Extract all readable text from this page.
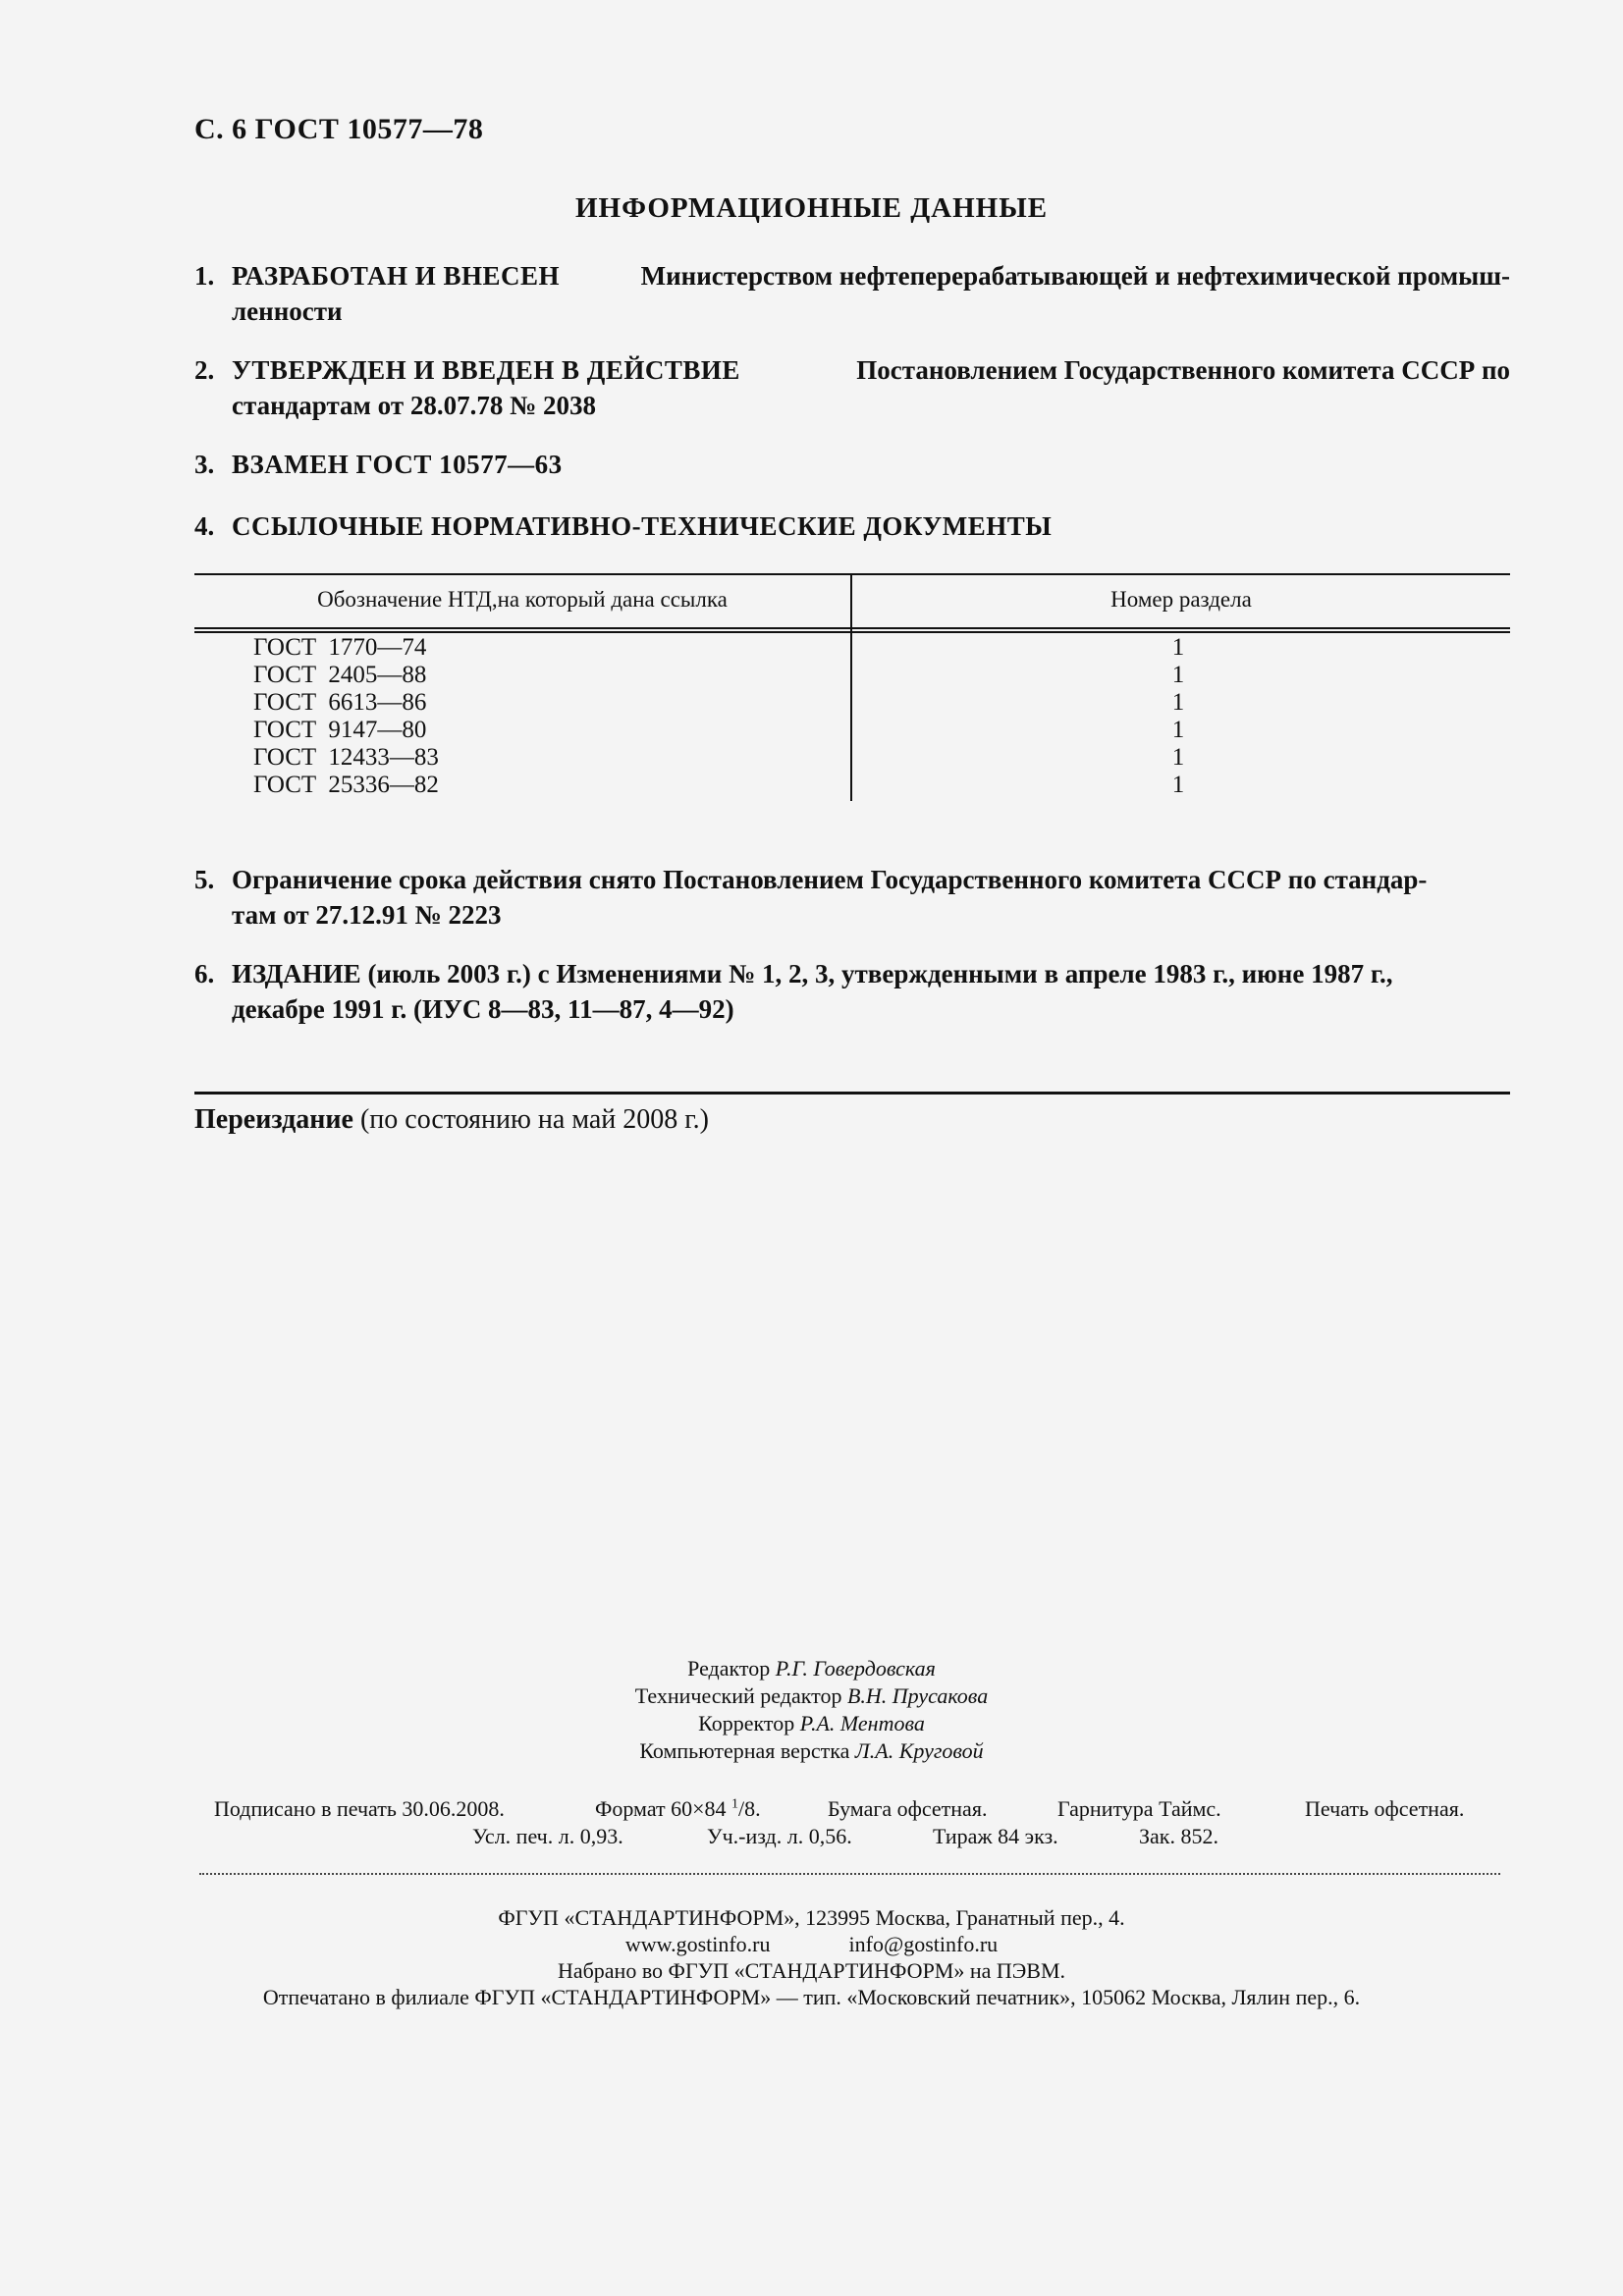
С. 6 ГОСТ 10577—78
ИНФОРМАЦИОННЫЕ ДАННЫЕ
1. РАЗРАБОТАН И ВНЕСЕН	Министерством нефтеперерабатывающей и нефтехимической промыш-
ленности
2. УТВЕРЖДЕН И ВВЕДЕН В ДЕЙСТВИЕ	Постановлением Государственного комитета СССР по
стандартам от 28.07.78 № 2038
3. ВЗАМЕН ГОСТ 10577—63
4. ССЫЛОЧНЫЕ НОРМАТИВНО-ТЕХНИЧЕСКИЕ ДОКУМЕНТЫ
Обозначение НТД,на который дана ссылка	Номер раздела
ГОСТ 1770—74	1
ГОСТ 2405—88	1
ГОСТ 6613—86	1
ГОСТ 9147—80	1
ГОСТ 12433—83	1
ГОСТ 25336—82	1
5. Ограничение срока действия снято Постановлением Государственного комитета СССР по стандар-
там от 27.12.91 № 2223
6. ИЗДАНИЕ (июль 2003 г.) с Изменениями № 1, 2, 3, утвержденными в апреле 1983 г., июне 1987 г.,
декабре 1991 г. (ИУС 8—83, 11—87, 4—92)
Переиздание (по состоянию на май 2008 г.)
Редактор Р.Г. Говердовская
Технический редактор В.Н. Прусакова
Корректор Р.А. Ментова
Компьютерная верстка Л.А. Круговой
Подписано в печать 30.06.2008.	Формат 60×84 $^1$/8.	Бумага офсетная.	Гарнитура Таймс.	Печать офсетная.
Усл. печ. л. 0,93.	Уч.-изд. л. 0,56.	Тираж 84 экз.	Зак. 852.
ФГУП «СТАНДАРТИНФОРМ», 123995 Москва, Гранатный пер., 4.
www.gostinfo.ru	info@gostinfo.ru
Набрано во ФГУП «СТАНДАРТИНФОРМ» на ПЭВМ.
Отпечатано в филиале ФГУП «СТАНДАРТИНФОРМ» — тип. «Московский печатник», 105062 Москва, Лялин пер., 6.
